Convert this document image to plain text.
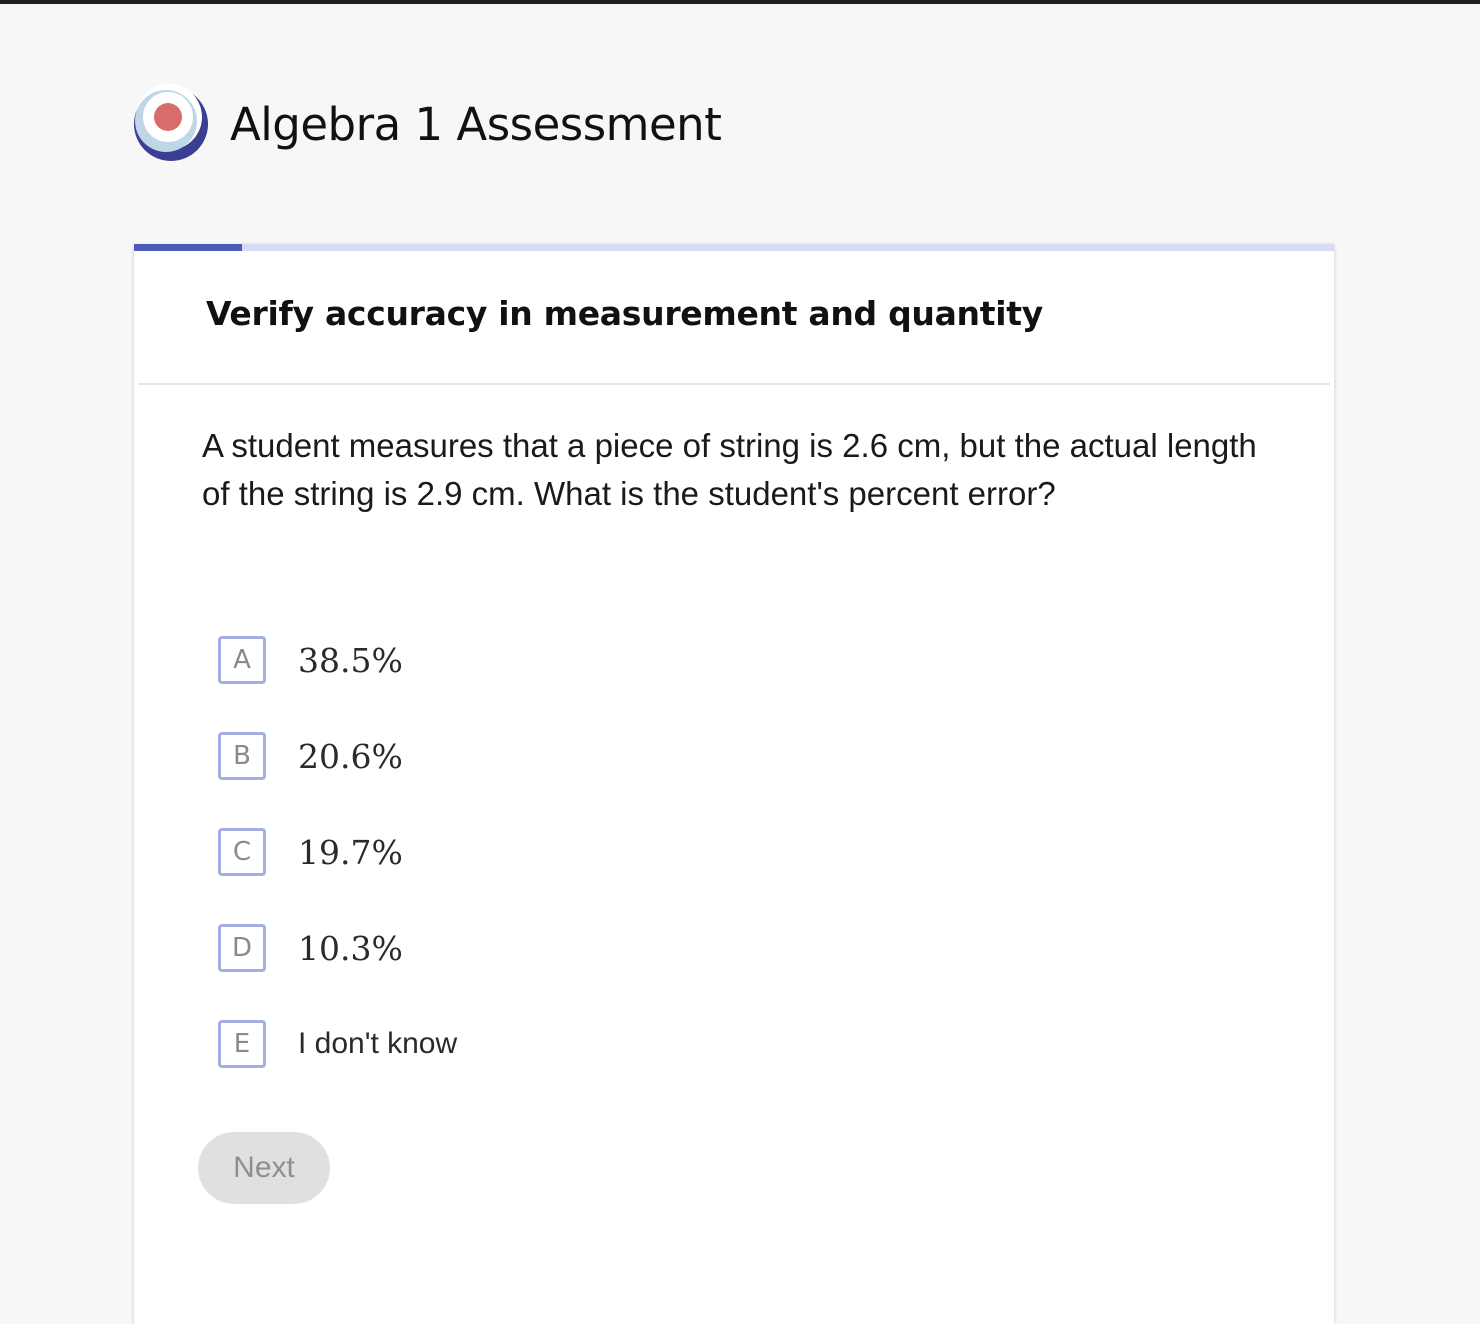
Algebra 1 Assessment
Verify accuracy in measurement and quantity
A student measures that a piece of string is 2.6 cm, but the actual length of the string is 2.9 cm. What is the student's percent error?
A	38.5%
B	20.6%
C	19.7%
D	10.3%
E	I don't know
Next
